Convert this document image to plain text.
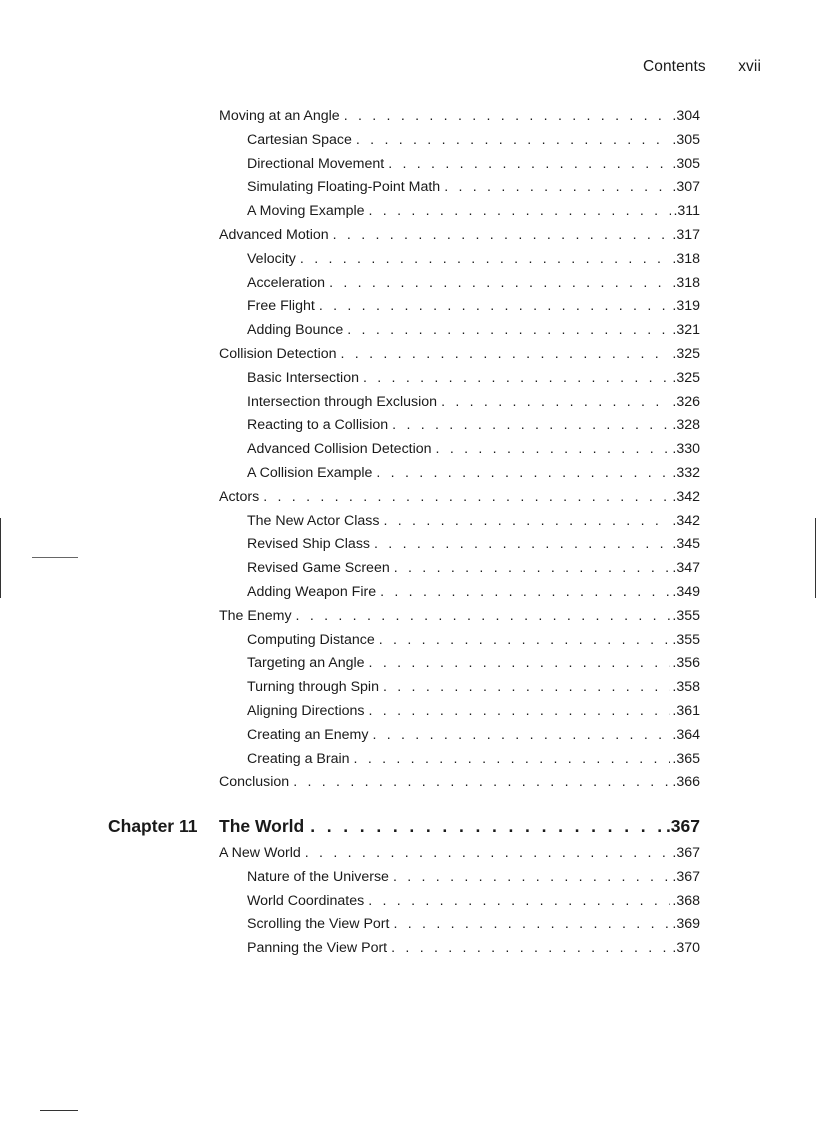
Contents xvii
Moving at an Angle . . .	.304
Cartesian Space . . .	.305
Directional Movement . . .	.305
Simulating Floating-Point Math . . .	.307
A Moving Example . . .	.311
Advanced Motion . . .	.317
Velocity . . .	.318
Acceleration . . .	.318
Free Flight . . .	.319
Adding Bounce . . .	.321
Collision Detection . . .	.325
Basic Intersection . . .	.325
Intersection through Exclusion . . .	.326
Reacting to a Collision . . .	.328
Advanced Collision Detection . . .	.330
A Collision Example . . .	.332
Actors . . .	.342
The New Actor Class . . .	.342
Revised Ship Class . . .	.345
Revised Game Screen . . .	.347
Adding Weapon Fire . . .	.349
The Enemy . . .	.355
Computing Distance . . .	.355
Targeting an Angle . . .	.356
Turning through Spin . . .	.358
Aligning Directions . . .	.361
Creating an Enemy . . .	.364
Creating a Brain . . .	.365
Conclusion . . .	.366
Chapter 11	The World . . .	.367
A New World . . .	.367
Nature of the Universe . . .	.367
World Coordinates . . .	.368
Scrolling the View Port . . .	.369
Panning the View Port . . .	.370
